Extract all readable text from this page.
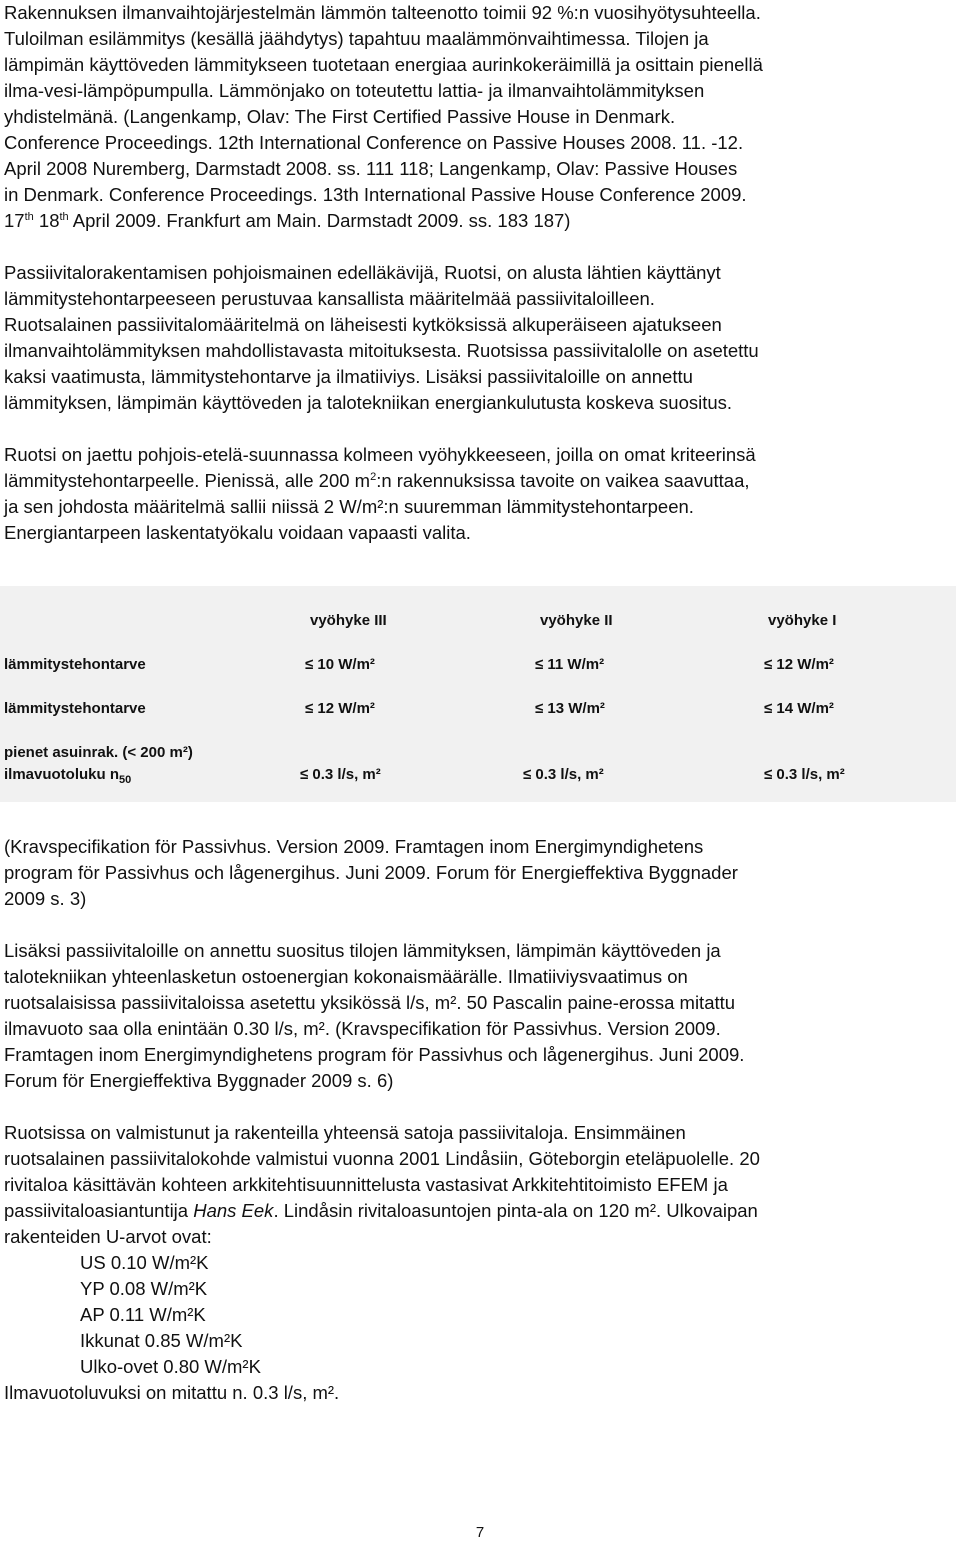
Rakennuksen ilmanvaihtojärjestelmän lämmön talteenotto toimii 92 %:n vuosihyötysuhteella.

Tuloilman esilämmitys (kesällä jäähdytys) tapahtuu maalämmönvaihtimessa. Tilojen ja

lämpimän käyttöveden lämmitykseen tuotetaan energiaa aurinkokeräimillä ja osittain pienellä

ilma-vesi-lämpöpumpulla. Lämmönjako on toteutettu lattia- ja ilmanvaihtolämmityksen

yhdistelmänä. (Langenkamp, Olav: The First Certified Passive House in Denmark.

Conference Proceedings. 12th International Conference on Passive Houses 2008. 11. -12.

April 2008 Nuremberg, Darmstadt 2008. ss. 111 118; Langenkamp, Olav: Passive Houses

in Denmark. Conference Proceedings. 13th International Passive House Conference 2009.

17th 18th April 2009. Frankfurt am Main. Darmstadt 2009. ss. 183 187)

Passiivitalorakentamisen pohjoismainen edelläkävijä, Ruotsi, on alusta lähtien käyttänyt

lämmitystehontarpeeseen perustuvaa kansallista määritelmää passiivitaloilleen.

Ruotsalainen passiivitalomääritelmä on läheisesti kytköksissä alkuperäiseen ajatukseen

ilmanvaihtolämmityksen mahdollistavasta mitoituksesta. Ruotsissa passiivitalolle on asetettu

kaksi vaatimusta, lämmitystehontarve ja ilmatiiviys. Lisäksi passiivitaloille on annettu

lämmityksen, lämpimän käyttöveden ja talotekniikan energiankulutusta koskeva suositus.

Ruotsi on jaettu pohjois-etelä-suunnassa kolmeen vyöhykkeeseen, joilla on omat kriteerinsä

lämmitystehontarpeelle. Pienissä, alle 200 $m^2:n$ rakennuksissa tavoite on vaikea saavuttaa,

ja sen johdosta määritelmä sallii niissä 2 W/m²:n suuremman lämmitystehontarpeen.

Energiantarpeen laskentatyökalu voidaan vapaasti valita.

vyöhyke III	vyöhyke II	vyöhyke I
lämmitystehontarve	≤ 10 W/m²	≤ 11 W/m²	≤ 12 W/m²
lämmitystehontarve	≤ 12 W/m²	≤ 13 W/m²	≤ 14 W/m²
pienet asuinrak. (< 200 m²)
ilmavuotoluku $n_{50}$	≤ 0.3 l/s, m²	≤ 0.3 l/s, m²	≤ 0.3 l/s, m²

(Kravspecifikation för Passivhus. Version 2009. Framtagen inom Energimyndighetens

program för Passivhus och lågenergihus. Juni 2009. Forum för Energieffektiva Byggnader

2009 s. 3)

Lisäksi passiivitaloille on annettu suositus tilojen lämmityksen, lämpimän käyttöveden ja

talotekniikan yhteenlasketun ostoenergian kokonaismäärälle. Ilmatiiviysvaatimus on

ruotsalaisissa passiivitaloissa asetettu yksikössä l/s, m². 50 Pascalin paine-erossa mitattu

ilmavuoto saa olla enintään 0.30 l/s, m². (Kravspecifikation för Passivhus. Version 2009.

Framtagen inom Energimyndighetens program för Passivhus och lågenergihus. Juni 2009.

Forum för Energieffektiva Byggnader 2009 s. 6)

Ruotsissa on valmistunut ja rakenteilla yhteensä satoja passiivitaloja. Ensimmäinen

ruotsalainen passiivitalokohde valmistui vuonna 2001 Lindåsiin, Göteborgin eteläpuolelle. 20

rivitaloa käsittävän kohteen arkkitehtisuunnittelusta vastasivat Arkkitehtitoimisto EFEM ja

passiivitaloasiantuntija Hans Eek. Lindåsin rivitaloasuntojen pinta-ala on 120 m². Ulkovaipan

rakenteiden U-arvot ovat:

US 0.10 W/m²K

YP 0.08 W/m²K

AP 0.11 W/m²K

Ikkunat 0.85 W/m²K

Ulko-ovet 0.80 W/m²K

Ilmavuotoluvuksi on mitattu n. 0.3 l/s, m².

7
